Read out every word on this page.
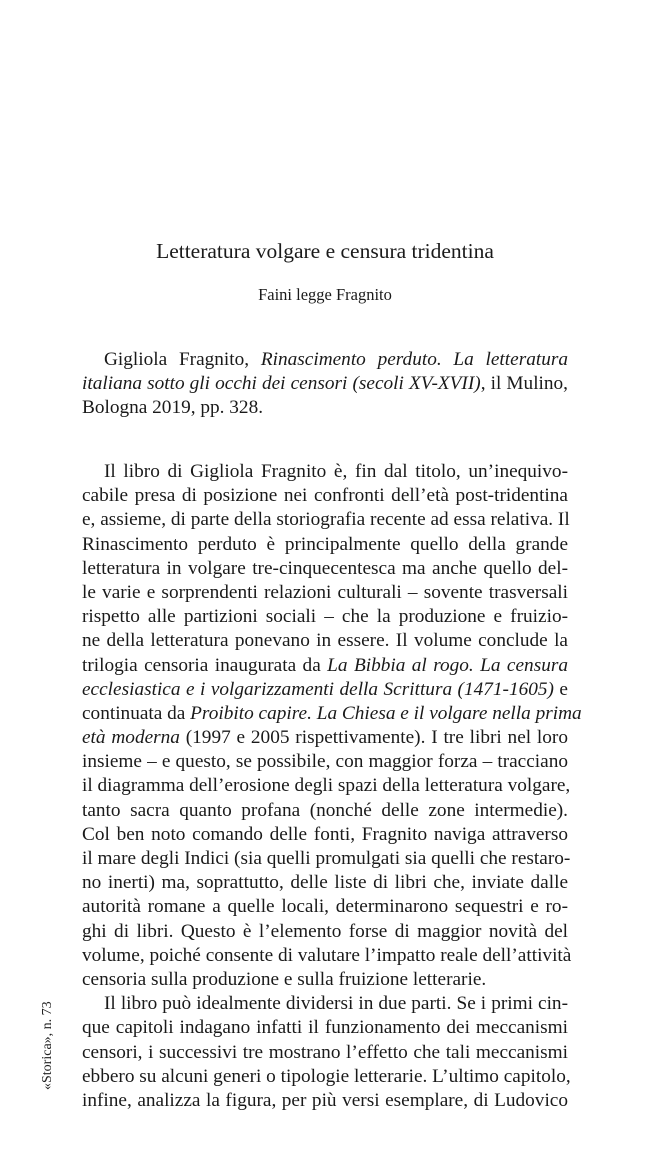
Letteratura volgare e censura tridentina
Faini legge Fragnito
Gigliola Fragnito, Rinascimento perduto. La letteratura
italiana sotto gli occhi dei censori (secoli XV-XVII), il Mulino,
Bologna 2019, pp. 328.
Il libro di Gigliola Fragnito è, fin dal titolo, un’inequivo-
cabile presa di posizione nei confronti dell’età post-tridentina
e, assieme, di parte della storiografia recente ad essa relativa. Il
Rinascimento perduto è principalmente quello della grande
letteratura in volgare tre-cinquecentesca ma anche quello del-
le varie e sorprendenti relazioni culturali – sovente trasversali
rispetto alle partizioni sociali – che la produzione e fruizio-
ne della letteratura ponevano in essere. Il volume conclude la
trilogia censoria inaugurata da La Bibbia al rogo. La censura
ecclesiastica e i volgarizzamenti della Scrittura (1471-1605) e
continuata da Proibito capire. La Chiesa e il volgare nella prima
età moderna (1997 e 2005 rispettivamente). I tre libri nel loro
insieme – e questo, se possibile, con maggior forza – tracciano
il diagramma dell’erosione degli spazi della letteratura volgare,
tanto sacra quanto profana (nonché delle zone intermedie).
Col ben noto comando delle fonti, Fragnito naviga attraverso
il mare degli Indici (sia quelli promulgati sia quelli che restaro-
no inerti) ma, soprattutto, delle liste di libri che, inviate dalle
autorità romane a quelle locali, determinarono sequestri e ro-
ghi di libri. Questo è l’elemento forse di maggior novità del
volume, poiché consente di valutare l’impatto reale dell’attività
censoria sulla produzione e sulla fruizione letterarie.
Il libro può idealmente dividersi in due parti. Se i primi cin-
que capitoli indagano infatti il funzionamento dei meccanismi
censori, i successivi tre mostrano l’effetto che tali meccanismi
ebbero su alcuni generi o tipologie letterarie. L’ultimo capitolo,
infine, analizza la figura, per più versi esemplare, di Ludovico
«Storica», n. 73
